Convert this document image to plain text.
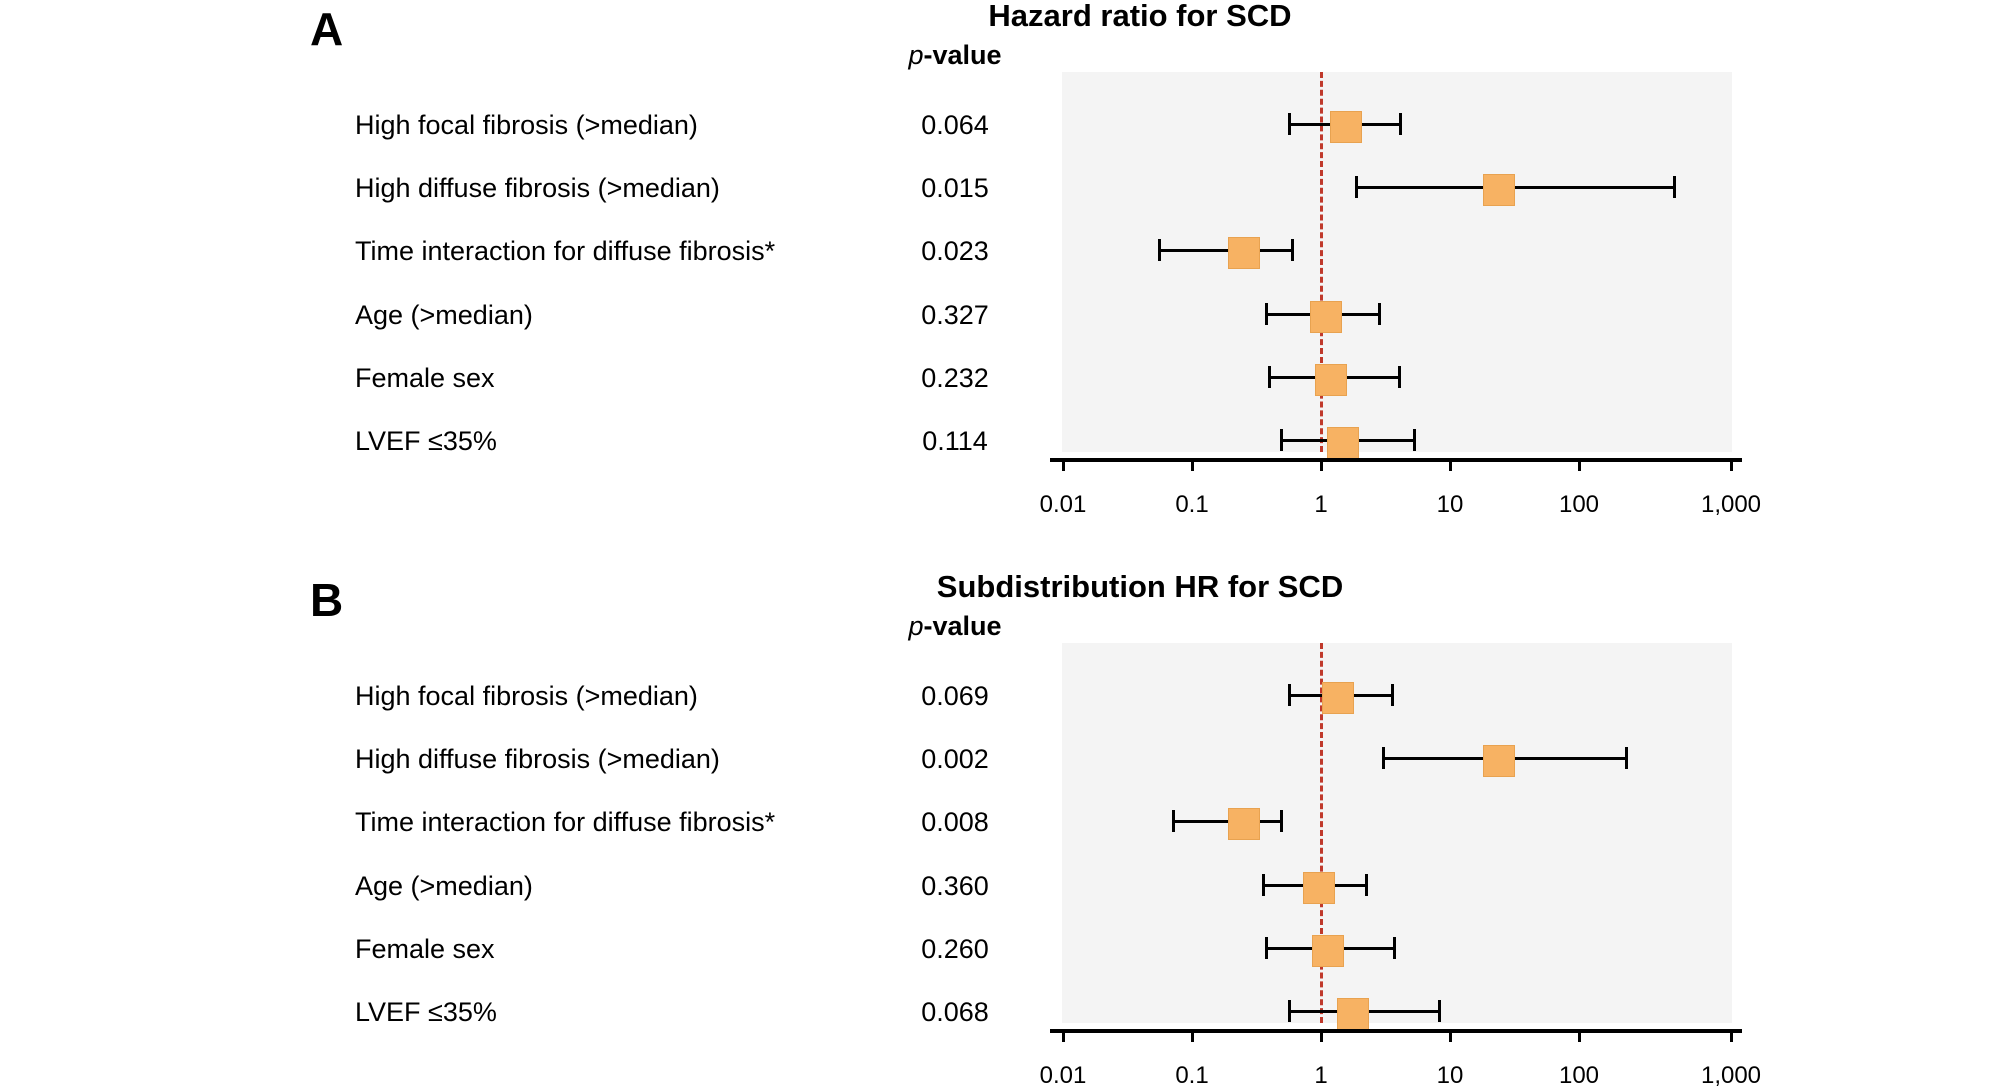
A	Hazard ratio for SCD
p-value
High focal fibrosis (>median)	0.064
High diffuse fibrosis (>median)	0.015
Time interaction for diffuse fibrosis*	0.023
Age (>median)	0.327
Female sex	0.232
LVEF ≤35%	0.114
0.01	0.1	1	10	100	1,000
B	Subdistribution HR for SCD
p-value
High focal fibrosis (>median)	0.069
High diffuse fibrosis (>median)	0.002
Time interaction for diffuse fibrosis*	0.008
Age (>median)	0.360
Female sex	0.260
LVEF ≤35%	0.068
0.01	0.1	1	10	100	1,000
